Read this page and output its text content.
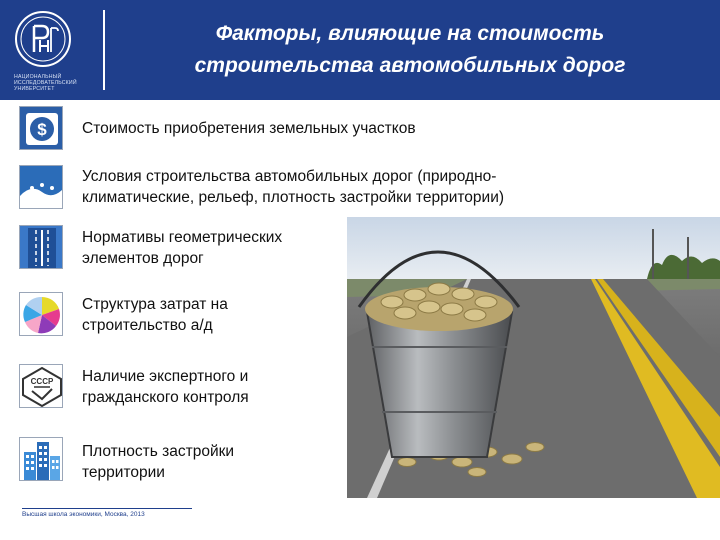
НАЦИОНАЛЬНЫЙ ИССЛЕДОВАТЕЛЬСКИЙ УНИВЕРСИТЕТ
Факторы, влияющие на стоимость
строительства автомобильных дорог
$ Стоимость приобретения земельных участков
Условия строительства автомобильных дорог (природно-
климатические, рельеф, плотность застройки территории)
Нормативы геометрических
элементов дорог
Структура затрат на
строительство а/д
СССР Наличие экспертного и
гражданского контроля
Плотность застройки
территории
Высшая школа экономики, Москва, 2013
